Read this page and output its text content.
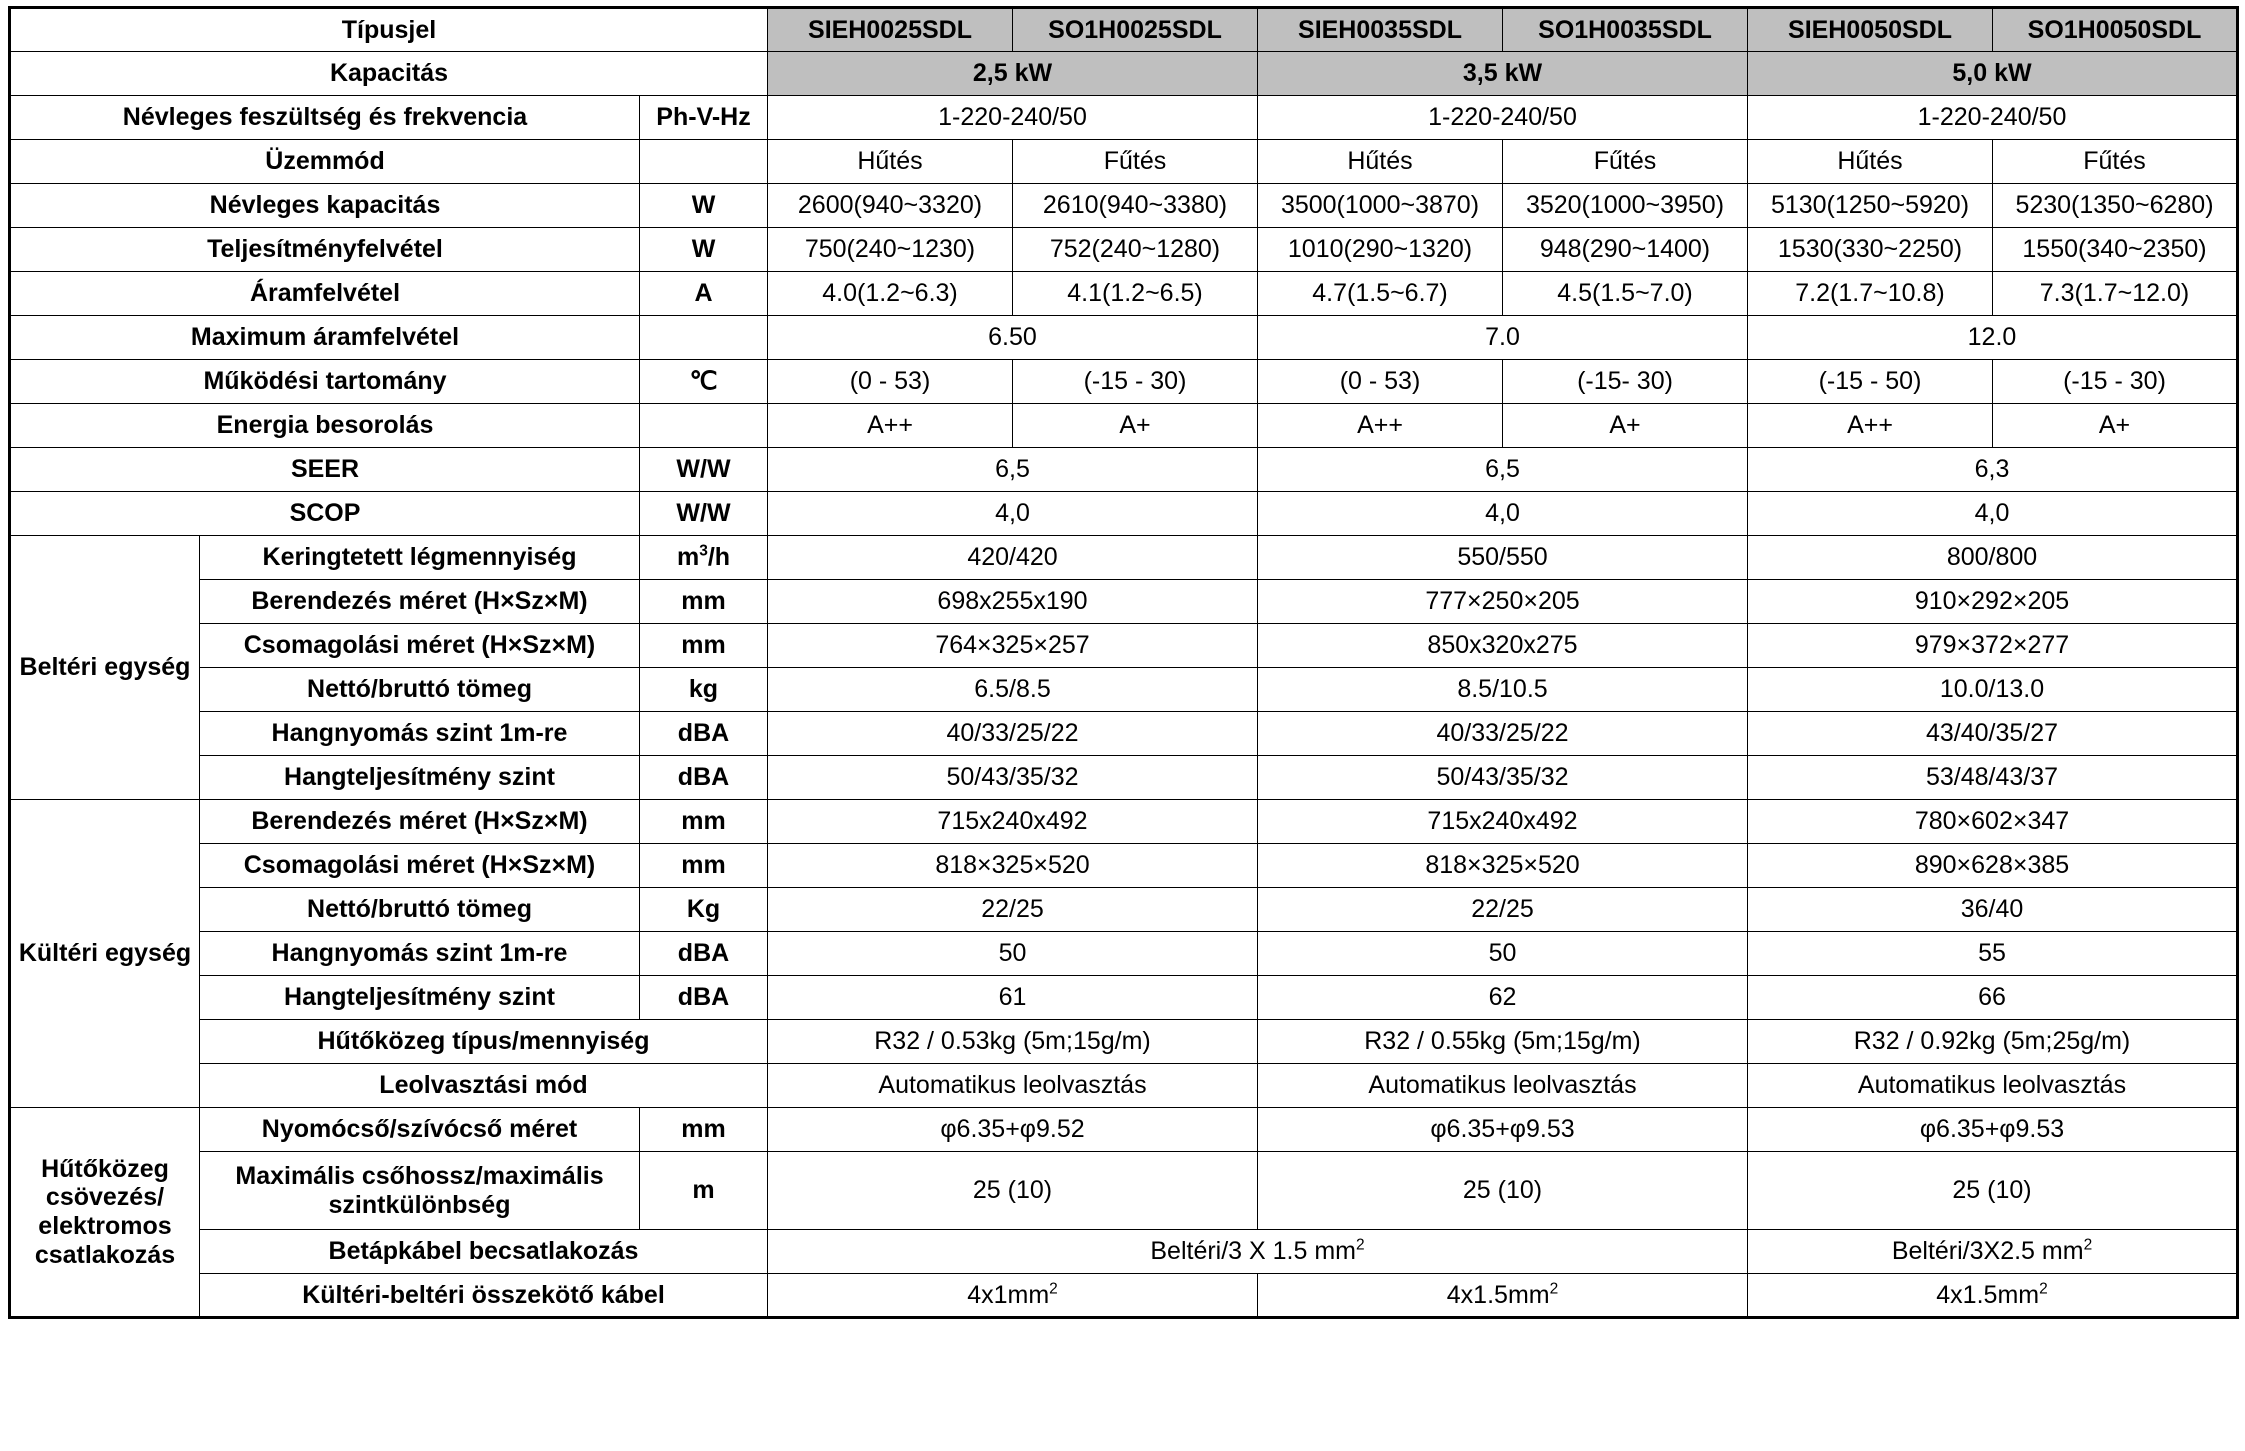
Típusjel			SIEH0025SDL	SO1H0025SDL	SIEH0035SDL	SO1H0035SDL	SIEH0050SDL	SO1H0050SDL
Kapacitás			2,5 kW		3,5 kW		5,0 kW	
Névleges feszültség és frekvencia		Ph-V-Hz	1-220-240/50		1-220-240/50		1-220-240/50	
Üzemmód			Hűtés	Fűtés	Hűtés	Fűtés	Hűtés	Fűtés
Névleges kapacitás		W	2600(940~3320)	2610(940~3380)	3500(1000~3870)	3520(1000~3950)	5130(1250~5920)	5230(1350~6280)
Teljesítményfelvétel		W	750(240~1230)	752(240~1280)	1010(290~1320)	948(290~1400)	1530(330~2250)	1550(340~2350)
Áramfelvétel		A	4.0(1.2~6.3)	4.1(1.2~6.5)	4.7(1.5~6.7)	4.5(1.5~7.0)	7.2(1.7~10.8)	7.3(1.7~12.0)
Maximum áramfelvétel			6.50		7.0		12.0	
Működési tartomány		℃	(0 - 53)	(-15 - 30)	(0 - 53)	(-15- 30)	(-15 - 50)	(-15 - 30)
Energia besorolás			A++	A+	A++	A+	A++	A+
SEER		W/W	6,5		6,5		6,3	
SCOP		W/W	4,0		4,0		4,0	
Beltéri egység	Keringtetett légmennyiség	$m^3/h$	420/420		550/550		800/800	
	Berendezés méret (H×Sz×M)	mm	698x255x190		777×250×205		910×292×205	
	Csomagolási méret (H×Sz×M)	mm	764×325×257		850x320x275		979×372×277	
	Nettó/bruttó tömeg	kg	6.5/8.5		8.5/10.5		10.0/13.0	
	Hangnyomás szint 1m-re	dBA	40/33/25/22		40/33/25/22		43/40/35/27	
	Hangteljesítmény szint	dBA	50/43/35/32		50/43/35/32		53/48/43/37	
Kültéri egység	Berendezés méret (H×Sz×M)	mm	715x240x492		715x240x492		780×602×347	
	Csomagolási méret (H×Sz×M)	mm	818×325×520		818×325×520		890×628×385	
	Nettó/bruttó tömeg	Kg	22/25		22/25		36/40	
	Hangnyomás szint 1m-re	dBA	50		50		55	
	Hangteljesítmény szint	dBA	61		62		66	
	Hűtőközeg típus/mennyiség		R32 / 0.53kg (5m;15g/m)		R32 / 0.55kg (5m;15g/m)		R32 / 0.92kg (5m;25g/m)	
	Leolvasztási mód		Automatikus leolvasztás		Automatikus leolvasztás		Automatikus leolvasztás	
Hűtőközeg csövezés/ elektromos csatlakozás	Nyomócső/szívócső méret	mm	φ6.35+φ9.52		φ6.35+φ9.53		φ6.35+φ9.53	
	Maximális csőhossz/maximális szintkülönbség	m	25 (10)		25 (10)		25 (10)	
	Betápkábel becsatlakozás		Beltéri/3 X 1.5 $mm^2$				Beltéri/3X2.5 $mm^2$
	Kültéri-beltéri összekötő kábel		$4x1mm^2$		$4x1.5mm^2$		$4x1.5mm^2$
